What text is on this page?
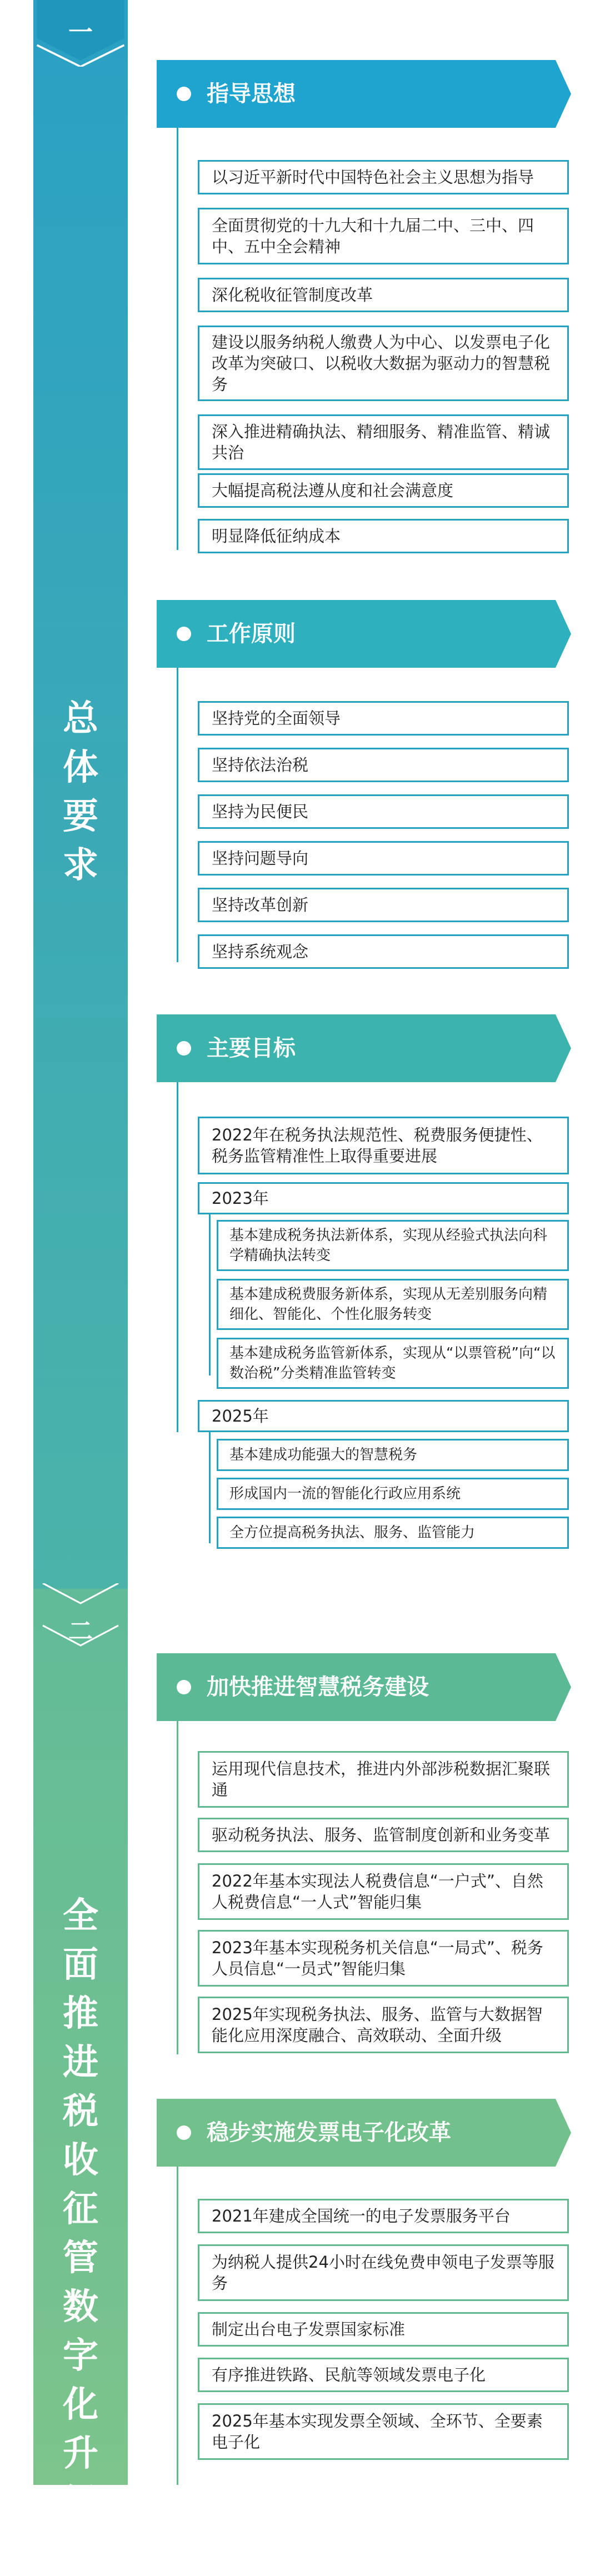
一
总
体
要
求
二
全
面
推
进
税
收
征
管
数
字
化
升
级
和
指导思想
以习近平新时代中国特色社会主义思想为指导
全面贯彻党的十九大和十九届二中、三中、四中、五中全会精神
深化税收征管制度改革
建设以服务纳税人缴费人为中心、以发票电子化改革为突破口、以税收大数据为驱动力的智慧税务
深入推进精确执法、精细服务、精准监管、精诚共治
大幅提高税法遵从度和社会满意度
明显降低征纳成本
工作原则
坚持党的全面领导
坚持依法治税
坚持为民便民
坚持问题导向
坚持改革创新
坚持系统观念
主要目标
2022年在税务执法规范性、税费服务便捷性、税务监管精准性上取得重要进展
2023年
基本建成税务执法新体系，实现从经验式执法向科学精确执法转变
基本建成税费服务新体系，实现从无差别服务向精细化、智能化、个性化服务转变
基本建成税务监管新体系，实现从“以票管税”向“以数治税”分类精准监管转变
2025年
基本建成功能强大的智慧税务
形成国内一流的智能化行政应用系统
全方位提高税务执法、服务、监管能力
加快推进智慧税务建设
运用现代信息技术，推进内外部涉税数据汇聚联通
驱动税务执法、服务、监管制度创新和业务变革
2022年基本实现法人税费信息“一户式”、自然人税费信息“一人式”智能归集
2023年基本实现税务机关信息“一局式”、税务人员信息“一员式”智能归集
2025年实现税务执法、服务、监管与大数据智能化应用深度融合、高效联动、全面升级
稳步实施发票电子化改革
2021年建成全国统一的电子发票服务平台
为纳税人提供24小时在线免费申领电子发票等服务
制定出台电子发票国家标准
有序推进铁路、民航等领域发票电子化
2025年基本实现发票全领域、全环节、全要素电子化
